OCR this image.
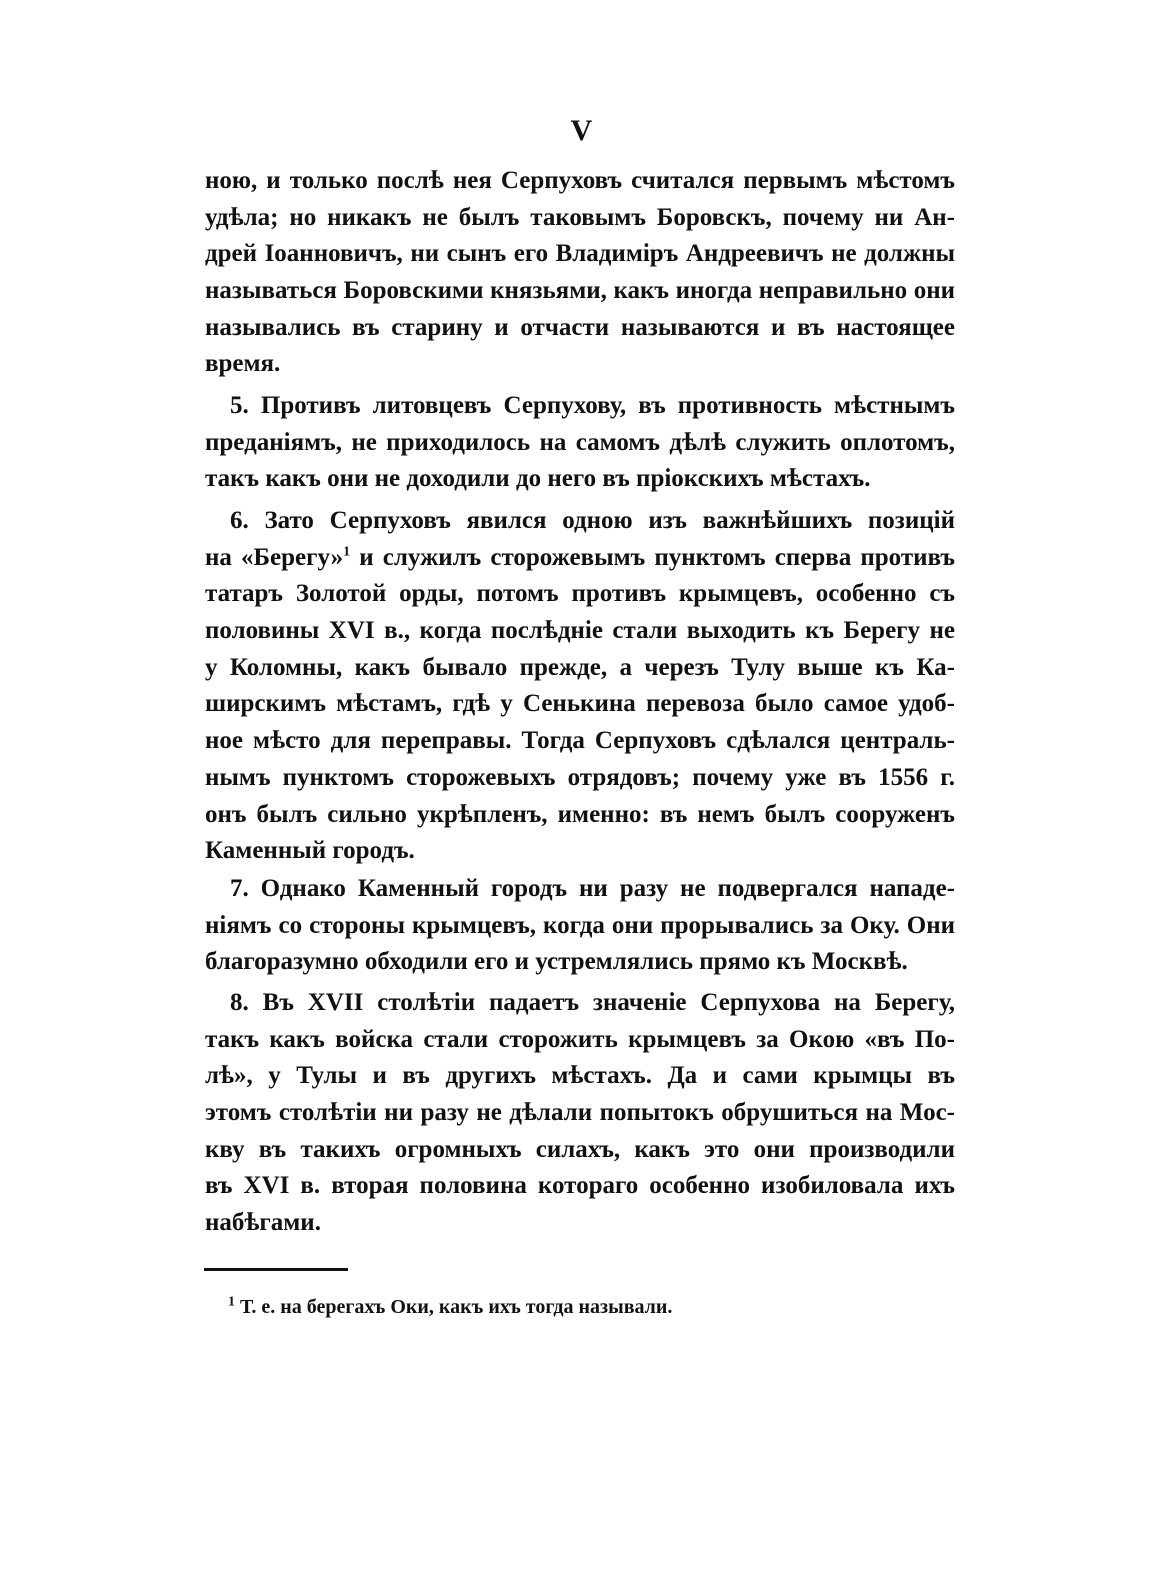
V
ною, и только послѣ нея Серпуховъ считался первымъ мѣстомъ
удѣла; но никакъ не былъ таковымъ Боровскъ, почему ни Ан-
дрей Іоанновичъ, ни сынъ его Владиміръ Андреевичъ не должны
называться Боровскими князьями, какъ иногда неправильно они
назывались въ старину и отчасти называются и въ настоящее
время.
5. Противъ литовцевъ Серпухову, въ противность мѣстнымъ
преданіямъ, не приходилось на самомъ дѣлѣ служить оплотомъ,
такъ какъ они не доходили до него въ пріокскихъ мѣстахъ.
6. Зато Серпуховъ явился одною изъ важнѣйшихъ позицій
на «Берегу»$^1$ и служилъ сторожевымъ пунктомъ сперва противъ
татаръ Золотой орды, потомъ противъ крымцевъ, особенно съ
половины XVI в., когда послѣдніе стали выходить къ Берегу не
у Коломны, какъ бывало прежде, а черезъ Тулу выше къ Ка-
ширскимъ мѣстамъ, гдѣ у Сенькина перевоза было самое удоб-
ное мѣсто для переправы. Тогда Серпуховъ сдѣлался централь-
нымъ пунктомъ сторожевыхъ отрядовъ; почему уже въ 1556 г.
онъ былъ сильно укрѣпленъ, именно: въ немъ былъ сооруженъ
Каменный городъ.
7. Однако Каменный городъ ни разу не подвергался нападе-
ніямъ со стороны крымцевъ, когда они прорывались за Оку. Они
благоразумно обходили его и устремлялись прямо къ Москвѣ.
8. Въ XVII столѣтіи падаетъ значеніе Серпухова на Берегу,
такъ какъ войска стали сторожить крымцевъ за Окою «въ По-
лѣ», у Тулы и въ другихъ мѣстахъ. Да и сами крымцы въ
этомъ столѣтіи ни разу не дѣлали попытокъ обрушиться на Мос-
кву въ такихъ огромныхъ силахъ, какъ это они производили
въ XVI в. вторая половина котораго особенно изобиловала ихъ
набѣгами.
$^1$ Т. е. на берегахъ Оки, какъ ихъ тогда называли.
